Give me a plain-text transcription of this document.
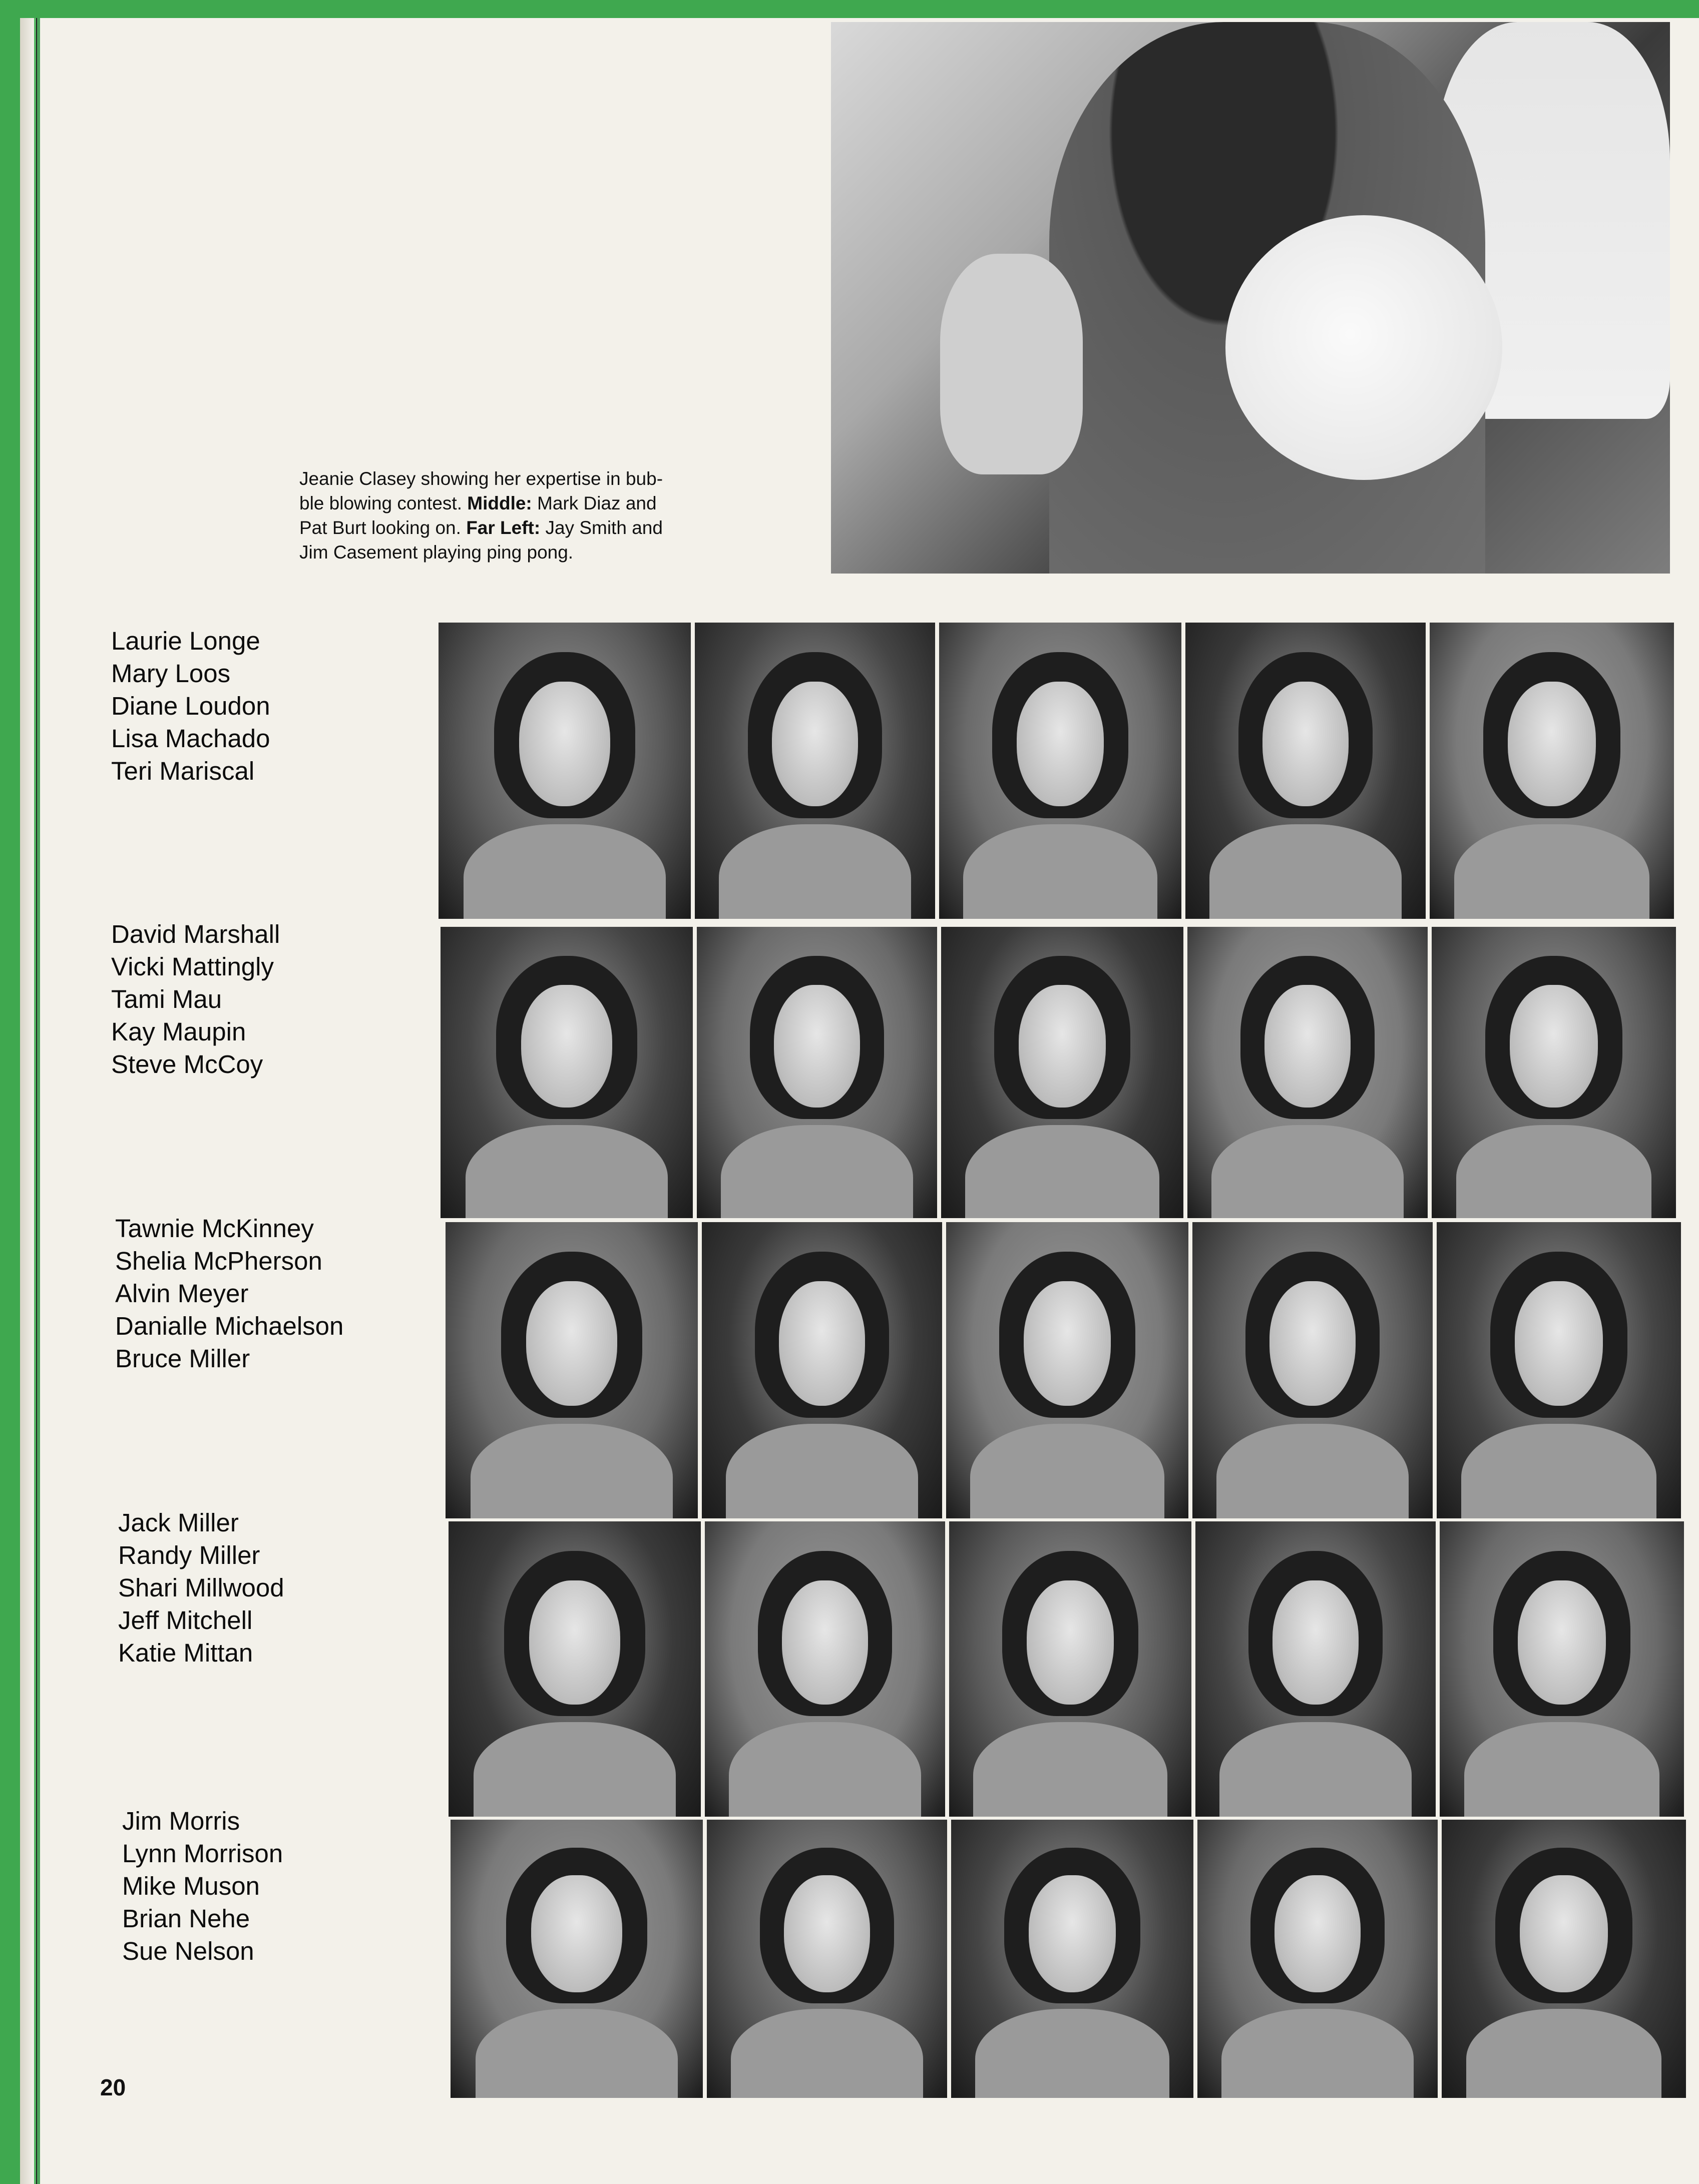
Jeanie Clasey showing her expertise in bub-
ble blowing contest. Middle: Mark Diaz and
Pat Burt looking on. Far Left: Jay Smith and
Jim Casement playing ping pong.
Laurie Longe
Mary Loos
Diane Loudon
Lisa Machado
Teri Mariscal
David Marshall
Vicki Mattingly
Tami Mau
Kay Maupin
Steve McCoy
Tawnie McKinney
Shelia McPherson
Alvin Meyer
Danialle Michaelson
Bruce Miller
Jack Miller
Randy Miller
Shari Millwood
Jeff Mitchell
Katie Mittan
Jim Morris
Lynn Morrison
Mike Muson
Brian Nehe
Sue Nelson
20
